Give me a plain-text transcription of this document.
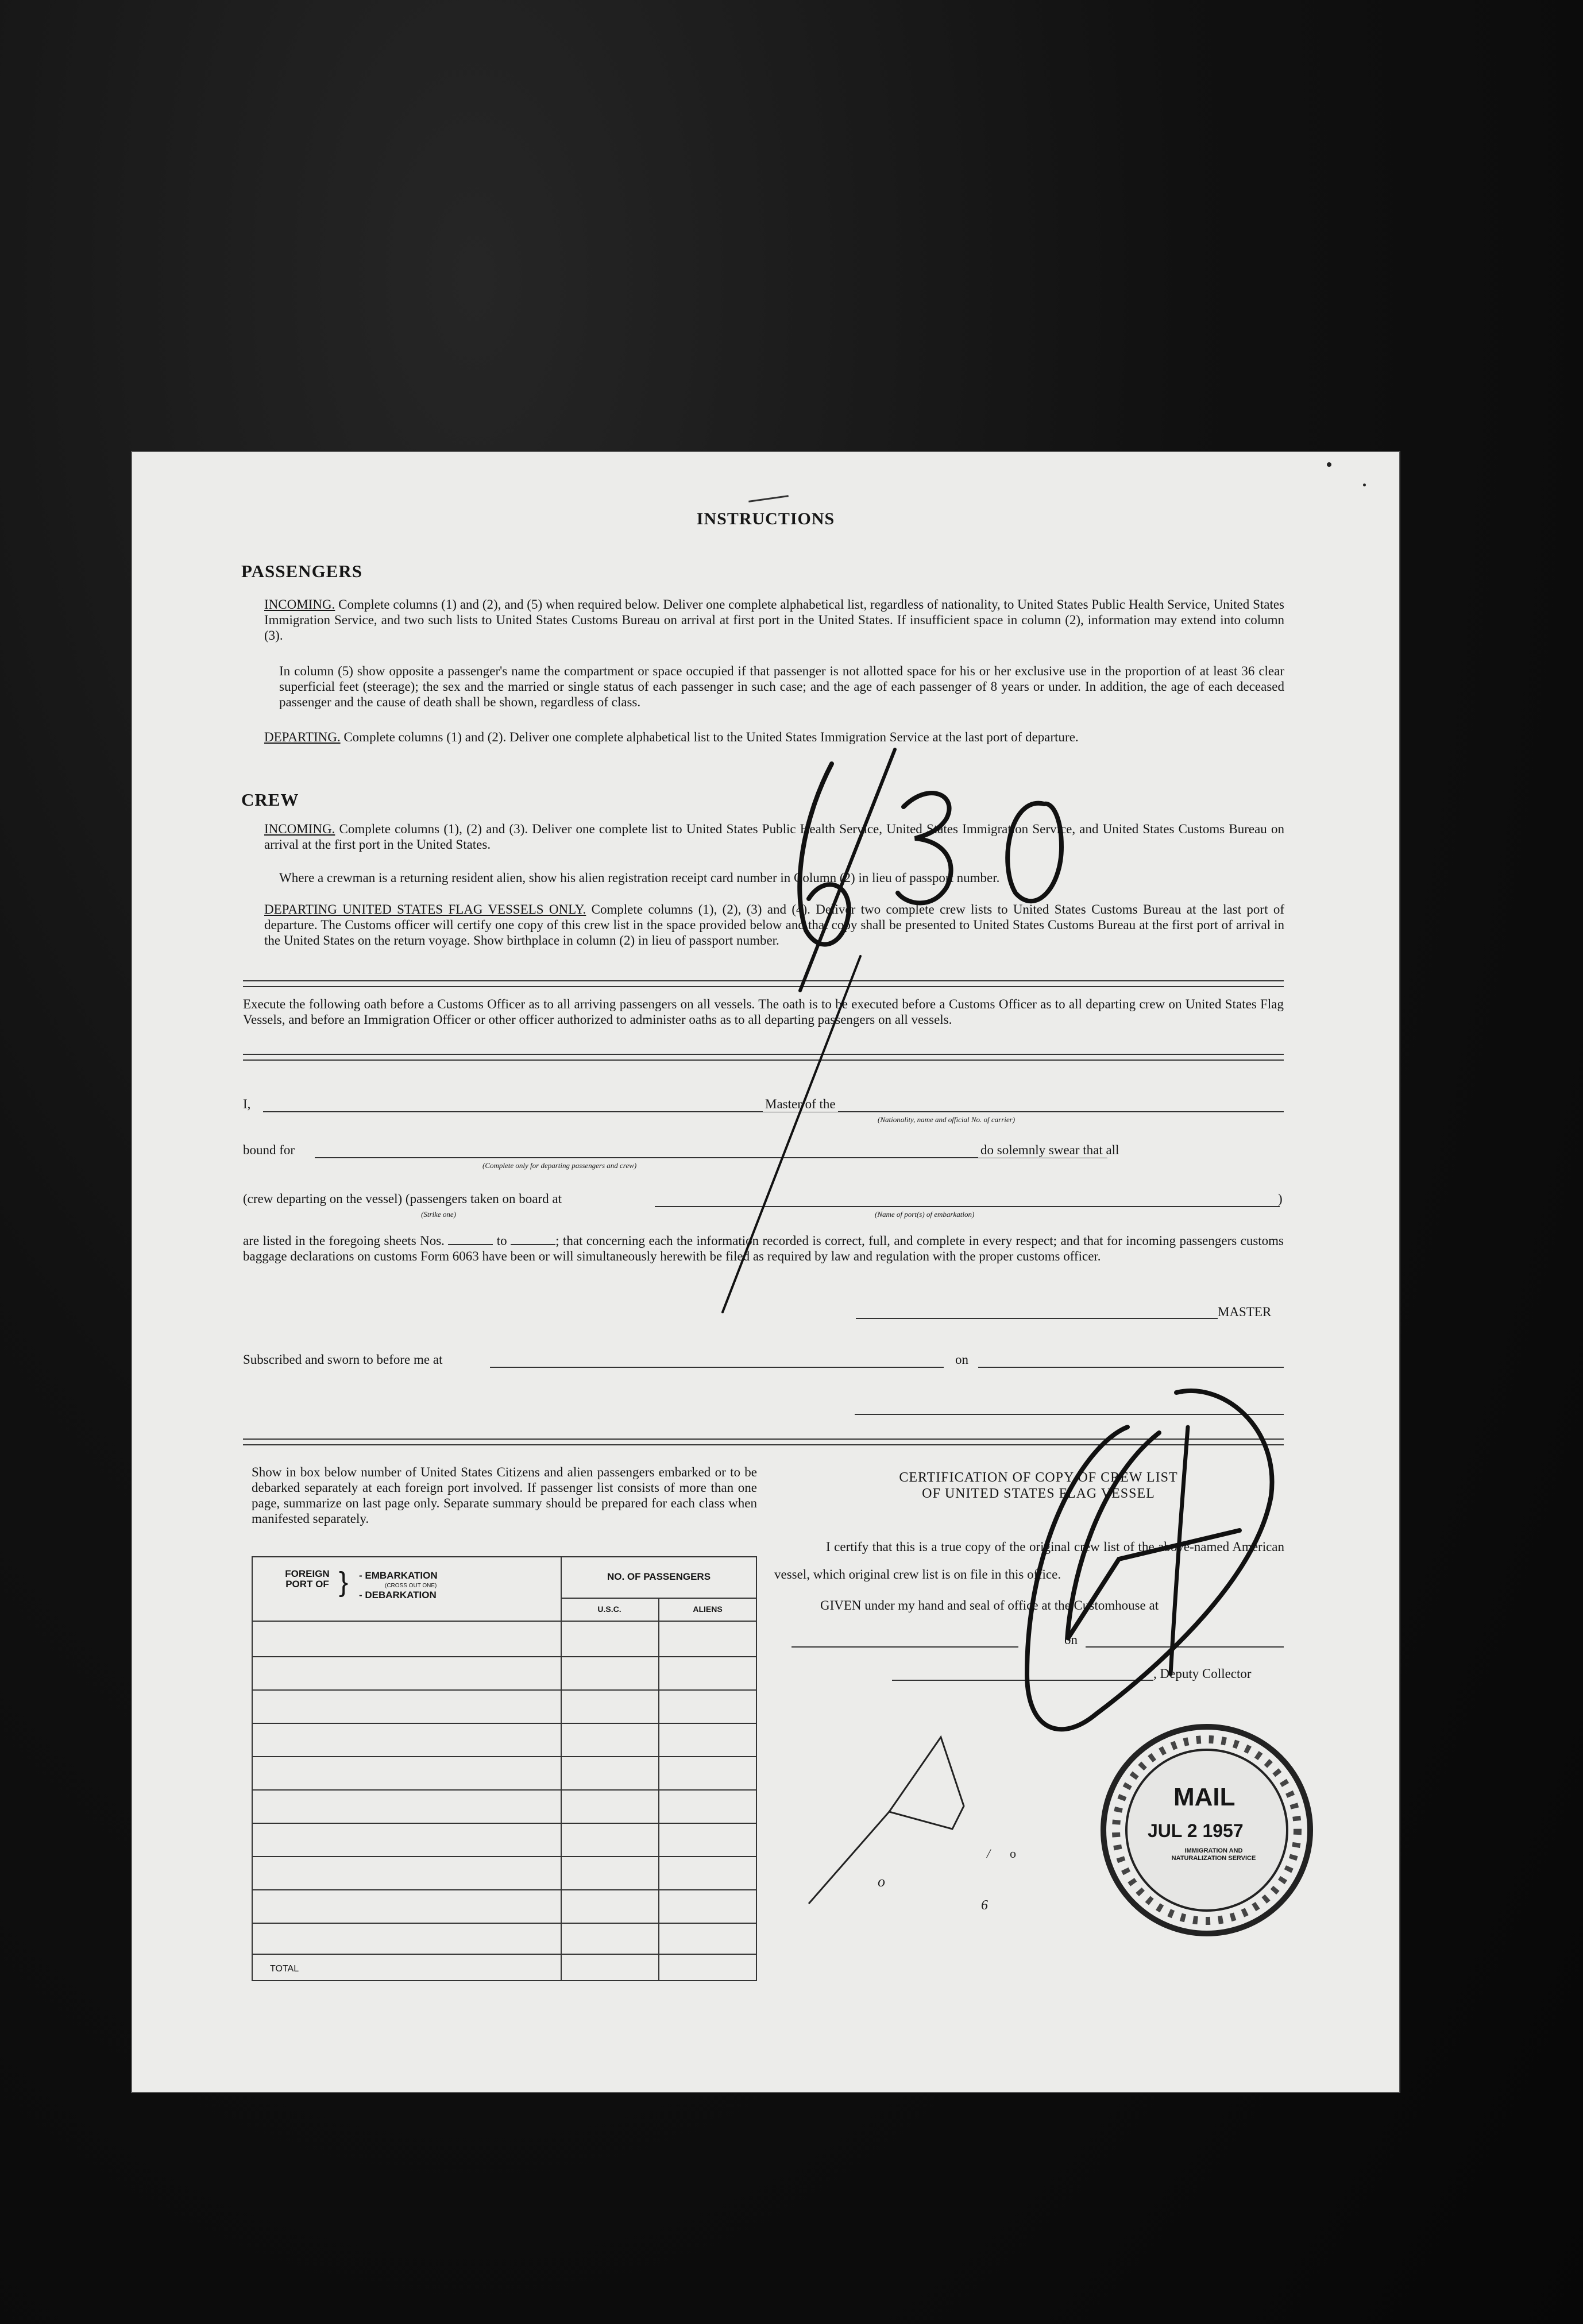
INSTRUCTIONS
PASSENGERS
INCOMING. Complete columns (1) and (2), and (5) when required below. Deliver one complete alphabetical list, regardless of nationality, to United States Public Health Service, United States Immigration Service, and two such lists to United States Customs Bureau on arrival at first port in the United States. If insufficient space in column (2), information may extend into column (3).
In column (5) show opposite a passenger's name the compartment or space occupied if that passenger is not allotted space for his or her exclusive use in the proportion of at least 36 clear superficial feet (steerage); the sex and the married or single status of each passenger in such case; and the age of each passenger of 8 years or under. In addition, the age of each deceased passenger and the cause of death shall be shown, regardless of class.
DEPARTING. Complete columns (1) and (2). Deliver one complete alphabetical list to the United States Immigration Service at the last port of departure.
CREW
INCOMING. Complete columns (1), (2) and (3). Deliver one complete list to United States Public Health Service, United States Immigration Service, and United States Customs Bureau on arrival at the first port in the United States.
Where a crewman is a returning resident alien, show his alien registration receipt card number in Column (2) in lieu of passport number.
DEPARTING UNITED STATES FLAG VESSELS ONLY. Complete columns (1), (2), (3) and (4). Deliver two complete crew lists to United States Customs Bureau at the last port of departure. The Customs officer will certify one copy of this crew list in the space provided below and that copy shall be presented to United States Customs Bureau at the first port of arrival in the United States on the return voyage. Show birthplace in column (2) in lieu of passport number.
Execute the following oath before a Customs Officer as to all arriving passengers on all vessels. The oath is to be executed before a Customs Officer as to all departing crew on United States Flag Vessels, and before an Immigration Officer or other officer authorized to administer oaths as to all departing passengers on all vessels.
I,	Master of the
(Nationality, name and official No. of carrier)
bound for
(Complete only for departing passengers and crew)
do solemnly swear that all
(crew departing on the vessel) (passengers taken on board at	)
(Strike one)	(Name of port(s) of embarkation)
are listed in the foregoing sheets Nos.	to	; that concerning each the information recorded is correct, full, and complete in every respect; and that for incoming passengers customs baggage declarations on customs Form 6063 have been or will simultaneously herewith be filed as required by law and regulation with the proper customs officer.
MASTER
Subscribed and sworn to before me at	on
Show in box below number of United States Citizens and alien passengers embarked or to be debarked separately at each foreign port involved. If passenger list consists of more than one page, summarize on last page only. Separate summary should be prepared for each class when manifested separately.
FOREIGN PORT OF } - EMBARKATION
(CROSS OUT ONE)
- DEBARKATION
NO. OF PASSENGERS
U.S.C.	ALIENS
TOTAL
CERTIFICATION OF COPY OF CREW LIST
OF UNITED STATES FLAG VESSEL
I certify that this is a true copy of the original crew list of the above-named American vessel, which original crew list is on file in this office.
GIVEN under my hand and seal of office at the Customhouse at
on
, Deputy Collector
o
/ o
6
MAIL
JUL 2 1957
IMMIGRATION AND NATURALIZATION SERVICE
